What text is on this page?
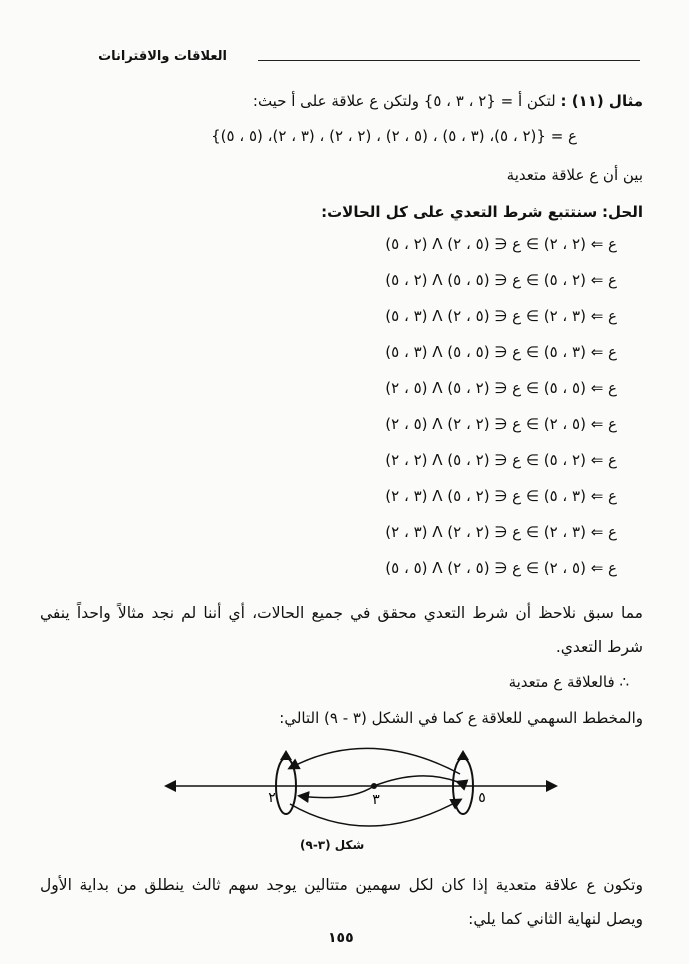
العلاقات والاقترانات
مثال (١١) : لتكن أ = {٢ ، ٣ ، ٥} ولتكن ع علاقة على أ حيث:
ع = {(٢ ، ٥)، (٣ ، ٥) ، (٥ ، ٢) ، (٢ ، ٢) ، (٣ ، ٢)، (٥ ، ٥)}
بين أن ع علاقة متعدية
الحل: سنتتبع شرط التعدي على كل الحالات:
(٢ ، ٥) Λ (٥ ، ٢) ∋ ع ⇐ (٢ ، ٢) ∋ ع
(٢ ، ٥) Λ (٥ ، ٥) ∋ ع ⇐ (٢ ، ٥) ∋ ع
(٣ ، ٥) Λ (٥ ، ٢) ∋ ع ⇐ (٣ ، ٢) ∋ ع
(٣ ، ٥) Λ (٥ ، ٥) ∋ ع ⇐ (٣ ، ٥) ∋ ع
(٥ ، ٢) Λ (٢ ، ٥) ∋ ع ⇐ (٥ ، ٥) ∋ ع
(٥ ، ٢) Λ (٢ ، ٢) ∋ ع ⇐ (٥ ، ٢) ∋ ع
(٢ ، ٢) Λ (٢ ، ٥) ∋ ع ⇐ (٢ ، ٥) ∋ ع
(٣ ، ٢) Λ (٢ ، ٥) ∋ ع ⇐ (٣ ، ٥) ∋ ع
(٣ ، ٢) Λ (٢ ، ٢) ∋ ع ⇐ (٣ ، ٢) ∋ ع
(٥ ، ٥) Λ (٥ ، ٢) ∋ ع ⇐ (٥ ، ٢) ∋ ع
مما سبق نلاحظ أن شرط التعدي محقق في جميع الحالات، أي أننا لم نجد مثالاً واحداً ينفي شرط التعدي.
∴ فالعلاقة ع متعدية
والمخطط السهمي للعلاقة ع كما في الشكل (٣ - ٩) التالي:
٢	٣	٥
شكل (٣-٩)
وتكون ع علاقة متعدية إذا كان لكل سهمين متتالين يوجد سهم ثالث ينطلق من بداية الأول ويصل لنهاية الثاني كما يلي:
١٥٥
